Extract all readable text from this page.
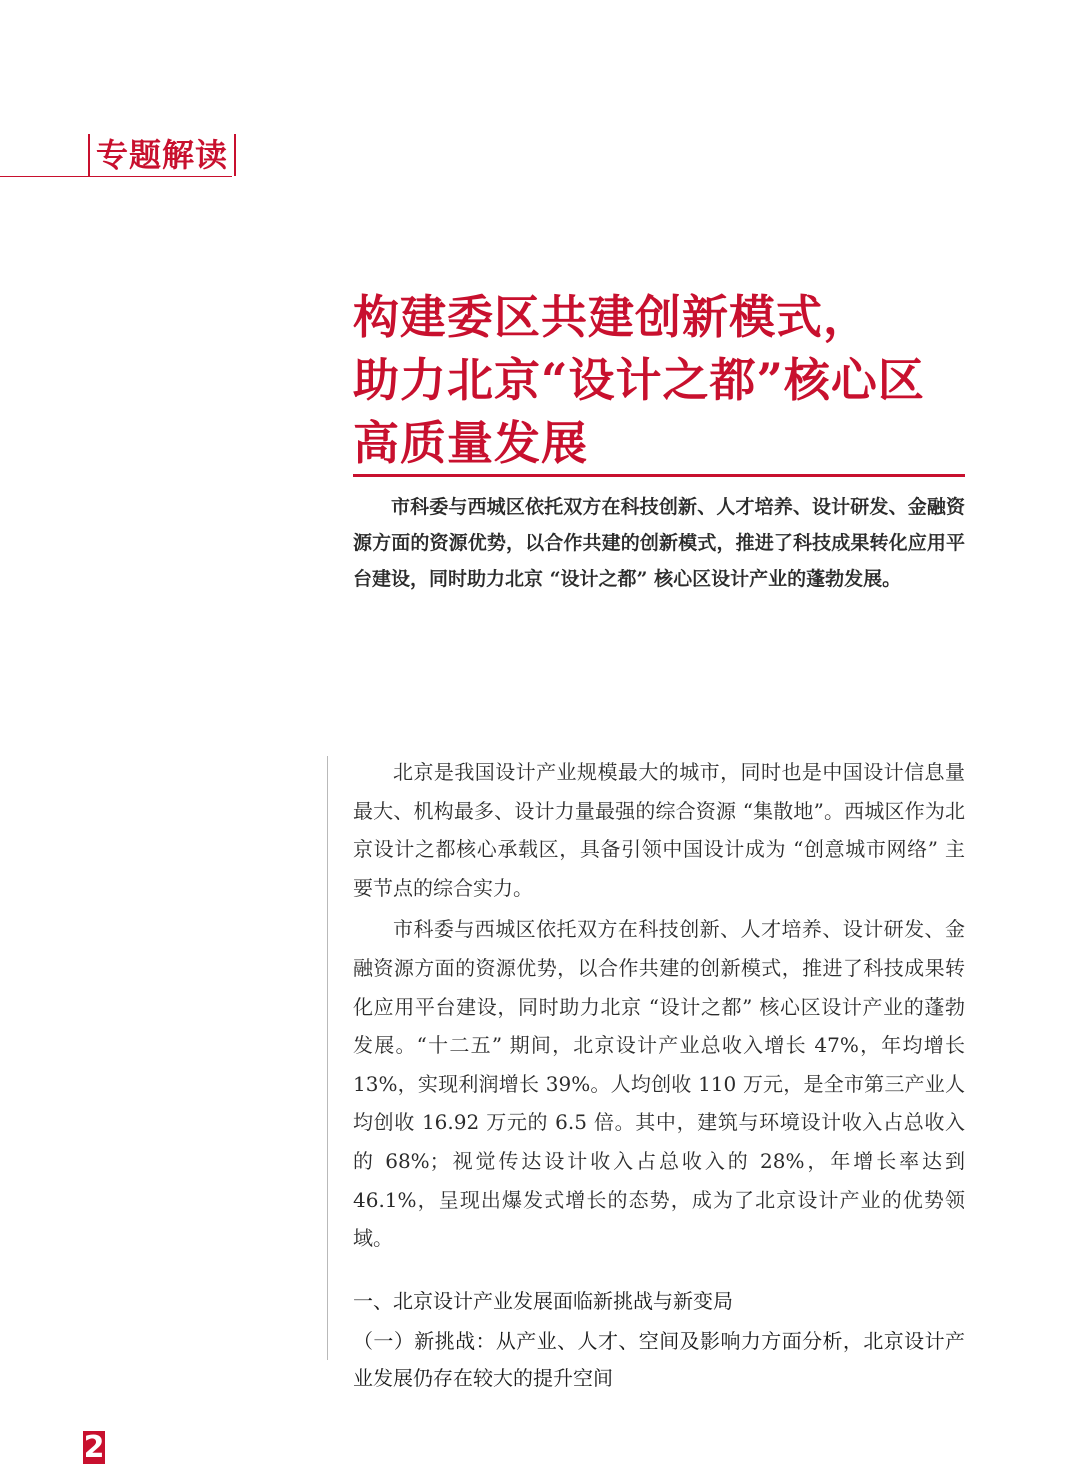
专题解读
构建委区共建创新模式，
助力北京“设计之都”核心区
高质量发展

市科委与西城区依托双方在科技创新、人才培养、设计研发、金融资源方面的资源优势，以合作共建的创新模式，推进了科技成果转化应用平台建设，同时助力北京 “设计之都” 核心区设计产业的蓬勃发展。

北京是我国设计产业规模最大的城市，同时也是中国设计信息量最大、机构最多、设计力量最强的综合资源 “集散地”。西城区作为北京设计之都核心承载区，具备引领中国设计成为 “创意城市网络” 主要节点的综合实力。

市科委与西城区依托双方在科技创新、人才培养、设计研发、金融资源方面的资源优势，以合作共建的创新模式，推进了科技成果转化应用平台建设，同时助力北京 “设计之都” 核心区设计产业的蓬勃发展。“十二五” 期间，北京设计产业总收入增长 47%，年均增长 13%，实现利润增长 39%。人均创收 110 万元，是全市第三产业人均创收 16.92 万元的 6.5 倍。其中，建筑与环境设计收入占总收入的 68%；视觉传达设计收入占总收入的 28%，年增长率达到 46.1%，呈现出爆发式增长的态势，成为了北京设计产业的优势领域。

一、北京设计产业发展面临新挑战与新变局

（一）新挑战：从产业、人才、空间及影响力方面分析，北京设计产业发展仍存在较大的提升空间

2
